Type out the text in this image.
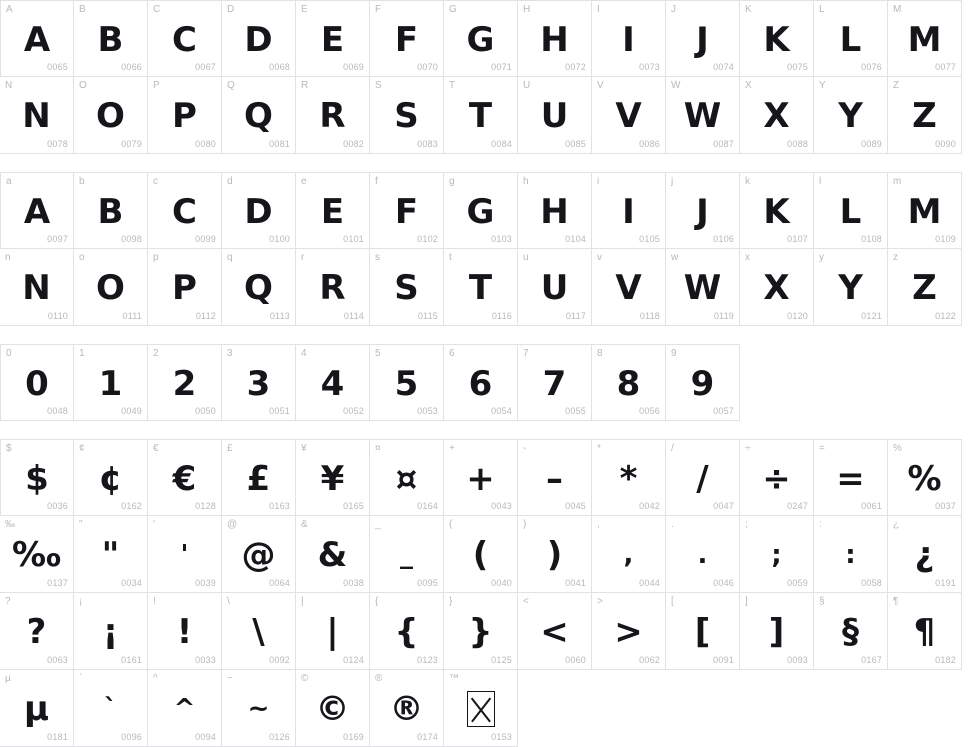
A
A
0065
B
B
0066
C
C
0067
D
D
0068
E
E
0069
F
F
0070
G
G
0071
H
H
0072
I
I
0073
J
J
0074
K
K
0075
L
L
0076
M
M
0077
N
N
0078
O
O
0079
P
P
0080
Q
Q
0081
R
R
0082
S
S
0083
T
T
0084
U
U
0085
V
V
0086
W
W
0087
X
X
0088
Y
Y
0089
Z
Z
0090
a
A
0097
b
B
0098
c
C
0099
d
D
0100
e
E
0101
f
F
0102
g
G
0103
h
H
0104
i
I
0105
j
J
0106
k
K
0107
l
L
0108
m
M
0109
n
N
0110
o
O
0111
p
P
0112
q
Q
0113
r
R
0114
s
S
0115
t
T
0116
u
U
0117
v
V
0118
w
W
0119
x
X
0120
y
Y
0121
z
Z
0122
0
0
0048
1
1
0049
2
2
0050
3
3
0051
4
4
0052
5
5
0053
6
6
0054
7
7
0055
8
8
0056
9
9
0057
$
$
0036
¢
¢
0162
€
€
0128
£
£
0163
¥
¥
0165
¤
¤
0164
+
+
0043
-
–
0045
*
*
0042
/
/
0047
÷
÷
0247
=
=
0061
%
%
0037
‰
‰
0137
"
"
0034
'
'
0039
@
@
0064
&
&
0038
_
_
0095
(
(
0040
)
)
0041
,
,
0044
.
.
0046
;
;
0059
:
:
0058
¿
¿
0191
?
?
0063
¡
¡
0161
!
!
0033
\
\
0092
|
|
0124
{
{
0123
}
}
0125
<
<
0060
>
>
0062
[
[
0091
]
]
0093
§
§
0167
¶
¶
0182
µ
µ
0181
`
`
0096
^
^
0094
~
~
0126
©
©
0169
®
®
0174
™
0153
